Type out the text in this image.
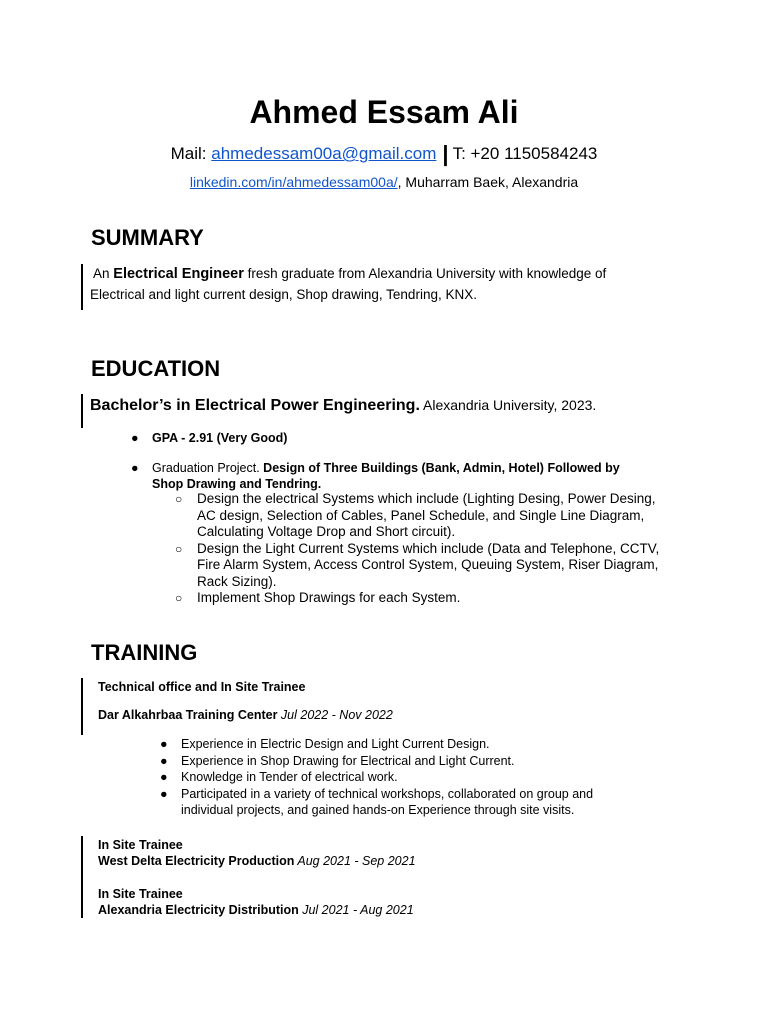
Ahmed Essam Ali
Mail: ahmedessam00a@gmail.com | T: +20 1150584243
linkedin.com/in/ahmedessam00a/, Muharram Baek, Alexandria
SUMMARY
An Electrical Engineer fresh graduate from Alexandria University with knowledge of
Electrical and light current design, Shop drawing, Tendring, KNX.
EDUCATION
Bachelor’s in Electrical Power Engineering. Alexandria University, 2023.
● GPA - 2.91 (Very Good)
● Graduation Project. Design of Three Buildings (Bank, Admin, Hotel) Followed by
Shop Drawing and Tendring.
○ Design the electrical Systems which include (Lighting Desing, Power Desing,
AC design, Selection of Cables, Panel Schedule, and Single Line Diagram,
Calculating Voltage Drop and Short circuit).
○ Design the Light Current Systems which include (Data and Telephone, CCTV,
Fire Alarm System, Access Control System, Queuing System, Riser Diagram,
Rack Sizing).
○ Implement Shop Drawings for each System.
TRAINING
Technical office and In Site Trainee
Dar Alkahrbaa Training Center Jul 2022 - Nov 2022
● Experience in Electric Design and Light Current Design.
● Experience in Shop Drawing for Electrical and Light Current.
● Knowledge in Tender of electrical work.
● Participated in a variety of technical workshops, collaborated on group and
individual projects, and gained hands-on Experience through site visits.
In Site Trainee
West Delta Electricity Production Aug 2021 - Sep 2021
In Site Trainee
Alexandria Electricity Distribution Jul 2021 - Aug 2021
